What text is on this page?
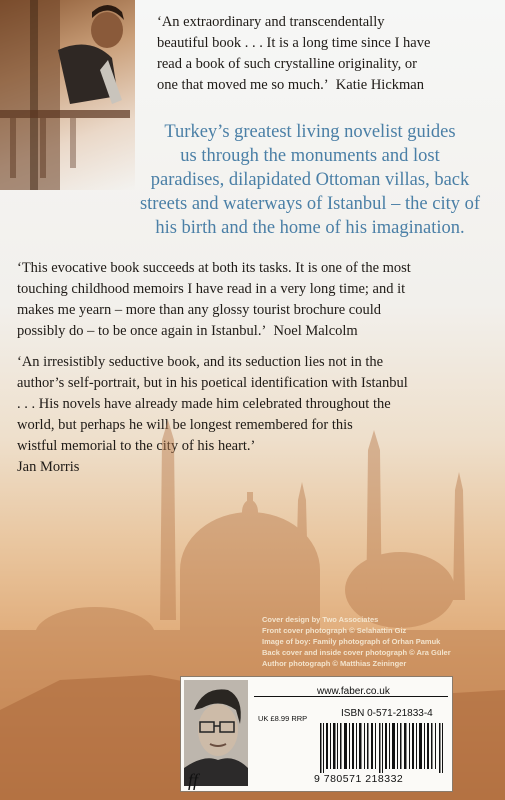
‘An extraordinary and transcendentally
beautiful book . . . It is a long time since I have
read a book of such crystalline originality, or
one that moved me so much.’ Katie Hickman
Turkey’s greatest living novelist guides
us through the monuments and lost
paradises, dilapidated Ottoman villas, back
streets and waterways of Istanbul – the city of
his birth and the home of his imagination.
‘This evocative book succeeds at both its tasks. It is one of the most
touching childhood memoirs I have read in a very long time; and it
makes me yearn – more than any glossy tourist brochure could
possibly do – to be once again in Istanbul.’ Noel Malcolm
‘An irresistibly seductive book, and its seduction lies not in the
author’s self-portrait, but in his poetical identification with Istanbul
. . . His novels have already made him celebrated throughout the
world, but perhaps he will be longest remembered for this
wistful memorial to the city of his heart.’
Jan Morris
Cover design by Two Associates
Front cover photograph © Selahattin Giz
Image of boy: Family photograph of Orhan Pamuk
Back cover and inside cover photograph © Ara Güler
Author photograph © Matthias Zeininger
www.faber.co.uk
UK £8.99 RRP	ISBN 0-571-21833-4
9 780571 218332
ff
